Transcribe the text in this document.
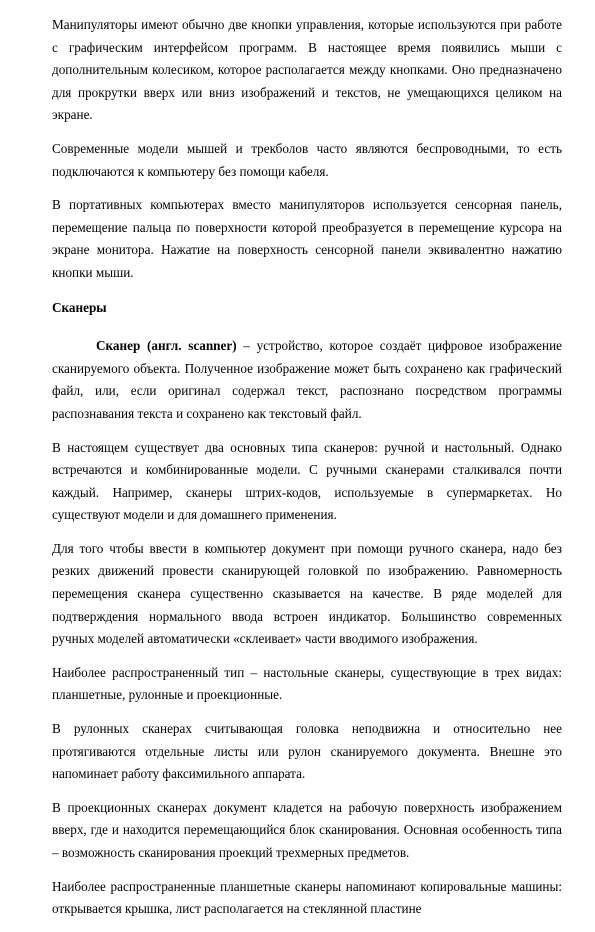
Манипуляторы имеют обычно две кнопки управления, которые используются при работе с графическим интерфейсом программ. В настоящее время появились мыши с дополнительным колесиком, которое располагается между кнопками. Оно предназначено для прокрутки вверх или вниз изображений и текстов, не умещающихся целиком на экране.

Современные модели мышей и трекболов часто являются беспроводными, то есть подключаются к компьютеру без помощи кабеля.

В портативных компьютерах вместо манипуляторов используется сенсорная панель, перемещение пальца по поверхности которой преобразуется в перемещение курсора на экране монитора. Нажатие на поверхность сенсорной панели эквивалентно нажатию кнопки мыши.

Сканеры

Сканер (англ. scanner) – устройство, которое создаёт цифровое изображение сканируемого объекта. Полученное изображение может быть сохранено как графический файл, или, если оригинал содержал текст, распознано посредством программы распознавания текста и сохранено как текстовый файл.

В настоящем существует два основных типа сканеров: ручной и настольный. Однако встречаются и комбинированные модели. С ручными сканерами сталкивался почти каждый. Например, сканеры штрих-кодов, используемые в супермаркетах. Но существуют модели и для домашнего применения.

Для того чтобы ввести в компьютер документ при помощи ручного сканера, надо без резких движений провести сканирующей головкой по изображению. Равномерность перемещения сканера существенно сказывается на качестве. В ряде моделей для подтверждения нормального ввода встроен индикатор. Большинство современных ручных моделей автоматически «склеивает» части вводимого изображения.

Наиболее распространенный тип – настольные сканеры, существующие в трех видах: планшетные, рулонные и проекционные.

В рулонных сканерах считывающая головка неподвижна и относительно нее протягиваются отдельные листы или рулон сканируемого документа. Внешне это напоминает работу факсимильного аппарата.

В проекционных сканерах документ кладется на рабочую поверхность изображением вверх, где и находится перемещающийся блок сканирования. Основная особенность типа – возможность сканирования проекций трехмерных предметов.

Наиболее распространенные планшетные сканеры напоминают копировальные машины: открывается крышка, лист располагается на стеклянной пластине
